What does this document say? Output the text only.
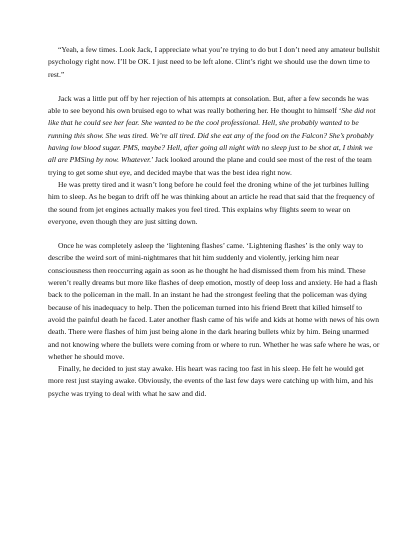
“Yeah, a few times. Look Jack, I appreciate what you’re trying to do but I don’t need any amateur bullshit psychology right now. I’ll be OK. I just need to be left alone. Clint’s right we should use the down time to rest.”

Jack was a little put off by her rejection of his attempts at consolation. But, after a few seconds he was able to see beyond his own bruised ego to what was really bothering her. He thought to himself ‘She did not like that he could see her fear. She wanted to be the cool professional. Hell, she probably wanted to be running this show. She was tired. We’re all tired. Did she eat any of the food on the Falcon? She’s probably having low blood sugar. PMS, maybe? Hell, after going all night with no sleep just to be shot at, I think we all are PMSing by now. Whatever.’ Jack looked around the plane and could see most of the rest of the team trying to get some shut eye, and decided maybe that was the best idea right now.

He was pretty tired and it wasn’t long before he could feel the droning whine of the jet turbines lulling him to sleep. As he began to drift off he was thinking about an article he read that said that the frequency of the sound from jet engines actually makes you feel tired. This explains why flights seem to wear on everyone, even though they are just sitting down.

Once he was completely asleep the ‘lightening flashes’ came. ‘Lightening flashes’ is the only way to describe the weird sort of mini-nightmares that hit him suddenly and violently, jerking him near consciousness then reoccurring again as soon as he thought he had dismissed them from his mind. These weren’t really dreams but more like flashes of deep emotion, mostly of deep loss and anxiety. He had a flash back to the policeman in the mall. In an instant he had the strongest feeling that the policeman was dying because of his inadequacy to help. Then the policeman turned into his friend Brett that killed himself to avoid the painful death he faced. Later another flash came of his wife and kids at home with news of his own death. There were flashes of him just being alone in the dark hearing bullets whiz by him. Being unarmed and not knowing where the bullets were coming from or where to run. Whether he was safe where he was, or whether he should move.

Finally, he decided to just stay awake. His heart was racing too fast in his sleep. He felt he would get more rest just staying awake. Obviously, the events of the last few days were catching up with him, and his psyche was trying to deal with what he saw and did.
